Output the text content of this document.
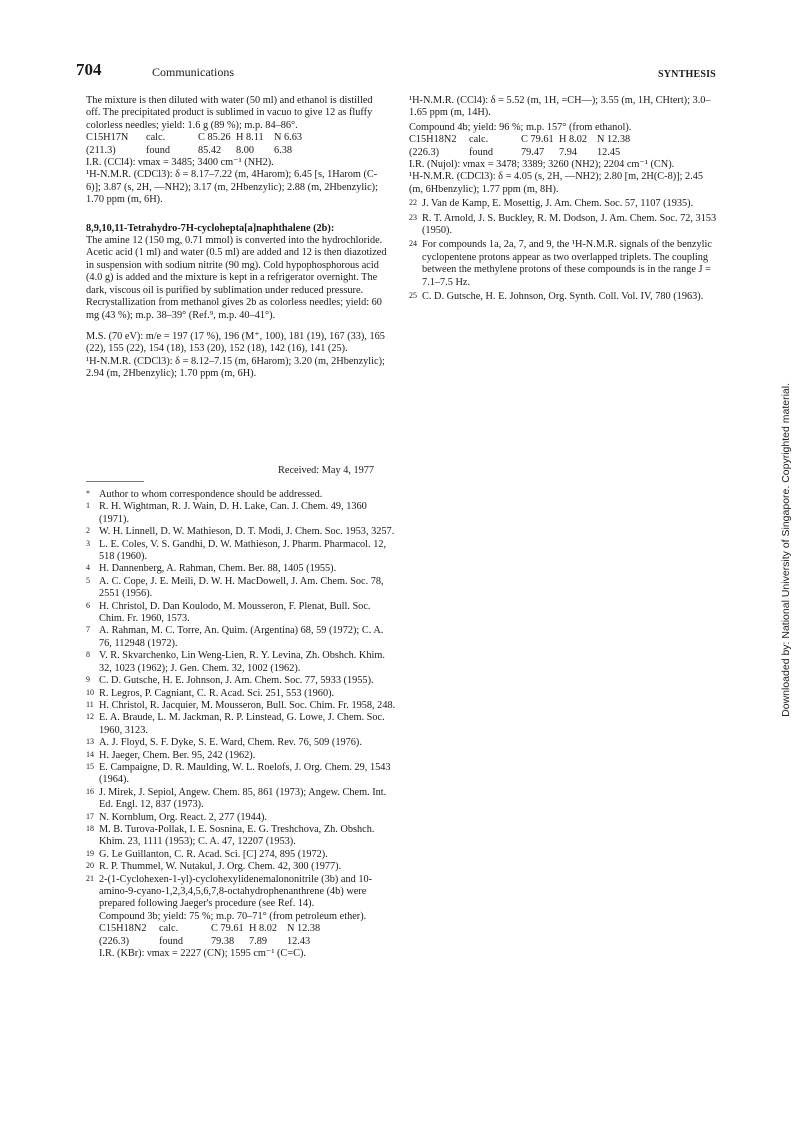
704	Communications	SYNTHESIS

The mixture is then diluted with water (50 ml) and ethanol is distilled off. The precipitated product is sublimed in vacuo to give 12 as fluffy colorless needles; yield: 1.6 g (89 %); m.p. 84–86°.

C15H17N	calc.	C 85.26 H 8.11	N 6.63
(211.3)	found	85.42	8.00	6.38

I.R. (CCl4): νmax = 3485; 3400 cm⁻¹ (NH2).

¹H-N.M.R. (CDCl3): δ = 8.17–7.22 (m, 4Harom); 6.45 [s, 1Harom (C-6)]; 3.87 (s, 2H, —NH2); 3.17 (m, 2Hbenzylic); 2.88 (m, 2Hbenzylic); 1.70 ppm (m, 6H).

8,9,10,11-Tetrahydro-7H-cyclohepta[a]naphthalene (2b):

The amine 12 (150 mg, 0.71 mmol) is converted into the hydrochloride. Acetic acid (1 ml) and water (0.5 ml) are added and 12 is then diazotized in suspension with sodium nitrite (90 mg). Cold hypophosphorous acid (4.0 g) is added and the mixture is kept in a refrigerator overnight. The dark, viscous oil is purified by sublimation under reduced pressure. Recrystallization from methanol gives 2b as colorless needles; yield: 60 mg (43 %); m.p. 38–39° (Ref.⁹, m.p. 40–41°).

M.S. (70 eV): m/e = 197 (17 %), 196 (M⁺, 100), 181 (19), 167 (33), 165 (22), 155 (22), 154 (18), 153 (20), 152 (18), 142 (16), 141 (25).

¹H-N.M.R. (CDCl3): δ = 8.12–7.15 (m, 6Harom); 3.20 (m, 2Hbenzylic); 2.94 (m, 2Hbenzylic); 1.70 ppm (m, 6H).

Received: May 4, 1977

¹H-N.M.R. (CCl4): δ = 5.52 (m, 1H, =CH—); 3.55 (m, 1H, CHtert); 3.0–1.65 ppm (m, 14H).

Compound 4b; yield: 96 %; m.p. 157° (from ethanol).

C15H18N2	calc.	C 79.61 H 8.02 N 12.38
(226.3)	found	79.47	7.94	12.45

I.R. (Nujol): νmax = 3478; 3389; 3260 (NH2); 2204 cm⁻¹ (CN).

¹H-N.M.R. (CDCl3): δ = 4.05 (s, 2H, —NH2); 2.80 [m, 2H(C-8)]; 2.45 (m, 6Hbenzylic); 1.77 ppm (m, 8H).

22 J. Van de Kamp, E. Mosettig, J. Am. Chem. Soc. 57, 1107 (1935).
23 R. T. Arnold, J. S. Buckley, R. M. Dodson, J. Am. Chem. Soc. 72, 3153 (1950).
24 For compounds 1a, 2a, 7, and 9, the ¹H-N.M.R. signals of the benzylic cyclopentene protons appear as two overlapped triplets. The coupling between the methylene protons of these compounds is in the range J = 7.1–7.5 Hz.
25 C. D. Gutsche, H. E. Johnson, Org. Synth. Coll. Vol. IV, 780 (1963).
* Author to whom correspondence should be addressed.
1 R. H. Wightman, R. J. Wain, D. H. Lake, Can. J. Chem. 49, 1360 (1971).
2 W. H. Linnell, D. W. Mathieson, D. T. Modi, J. Chem. Soc. 1953, 3257.
3 L. E. Coles, V. S. Gandhi, D. W. Mathieson, J. Pharm. Pharmacol. 12, 518 (1960).
4 H. Dannenberg, A. Rahman, Chem. Ber. 88, 1405 (1955).
5 A. C. Cope, J. E. Meili, D. W. H. MacDowell, J. Am. Chem. Soc. 78, 2551 (1956).
6 H. Christol, D. Dan Koulodo, M. Mousseron, F. Plenat, Bull. Soc. Chim. Fr. 1960, 1573.
7 A. Rahman, M. C. Torre, An. Quim. (Argentina) 68, 59 (1972); C. A. 76, 112948 (1972).
8 V. R. Skvarchenko, Lin Weng-Lien, R. Y. Levina, Zh. Obshch. Khim. 32, 1023 (1962); J. Gen. Chem. 32, 1002 (1962).
9 C. D. Gutsche, H. E. Johnson, J. Am. Chem. Soc. 77, 5933 (1955).
10 R. Legros, P. Cagniant, C. R. Acad. Sci. 251, 553 (1960).
11 H. Christol, R. Jacquier, M. Mousseron, Bull. Soc. Chim. Fr. 1958, 248.
12 E. A. Braude, L. M. Jackman, R. P. Linstead, G. Lowe, J. Chem. Soc. 1960, 3123.
13 A. J. Floyd, S. F. Dyke, S. E. Ward, Chem. Rev. 76, 509 (1976).
14 H. Jaeger, Chem. Ber. 95, 242 (1962).
15 E. Campaigne, D. R. Maulding, W. L. Roelofs, J. Org. Chem. 29, 1543 (1964).
16 J. Mirek, J. Sepiol, Angew. Chem. 85, 861 (1973); Angew. Chem. Int. Ed. Engl. 12, 837 (1973).
17 N. Kornblum, Org. React. 2, 277 (1944).
18 M. B. Turova-Pollak, I. E. Sosnina, E. G. Treshchova, Zh. Obshch. Khim. 23, 1111 (1953); C. A. 47, 12207 (1953).
19 G. Le Guillanton, C. R. Acad. Sci. [C] 274, 895 (1972).
20 R. P. Thummel, W. Nutakul, J. Org. Chem. 42, 300 (1977).
21 2-(1-Cyclohexen-1-yl)-cyclohexylidenemalononitrile (3b) and 10-amino-9-cyano-1,2,3,4,5,6,7,8-octahydrophenanthrene (4b) were prepared following Jaeger's procedure (see Ref. 14).
Compound 3b; yield: 75 %; m.p. 70–71° (from petroleum ether).
C15H18N2	calc.	C 79.61 H 8.02 N 12.38
(226.3)	found	79.38	7.89	12.43
I.R. (KBr): νmax = 2227 (CN); 1595 cm⁻¹ (C=C).
Downloaded by: National University of Singapore. Copyrighted material.
